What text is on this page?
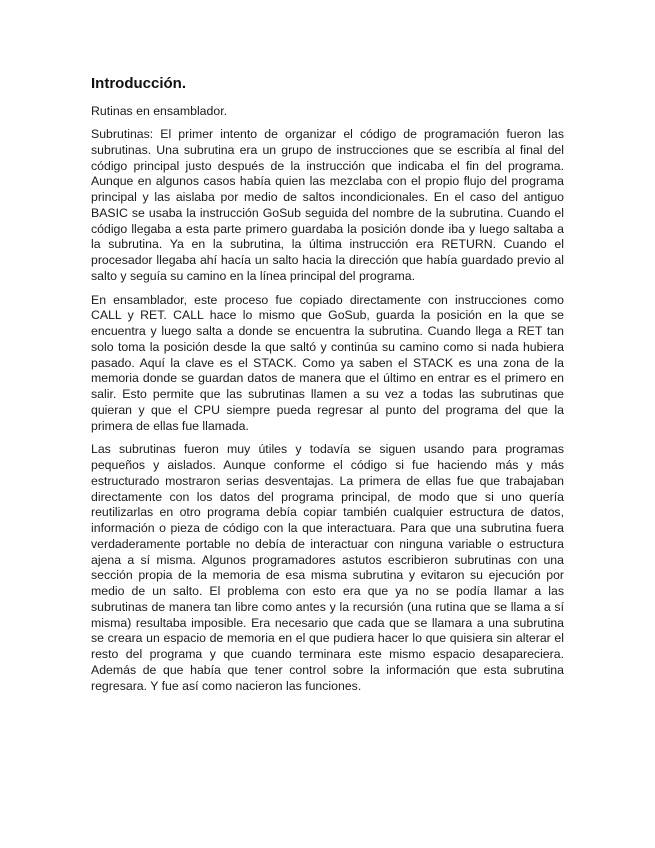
Introducción.

Rutinas en ensamblador.

Subrutinas: El primer intento de organizar el código de programación fueron las subrutinas. Una subrutina era un grupo de instrucciones que se escribía al final del código principal justo después de la instrucción que indicaba el fin del programa. Aunque en algunos casos había quien las mezclaba con el propio flujo del programa principal y las aislaba por medio de saltos incondicionales. En el caso del antiguo BASIC se usaba la instrucción GoSub seguida del nombre de la subrutina. Cuando el código llegaba a esta parte primero guardaba la posición donde iba y luego saltaba a la subrutina. Ya en la subrutina, la última instrucción era RETURN. Cuando el procesador llegaba ahí hacía un salto hacia la dirección que había guardado previo al salto y seguía su camino en la línea principal del programa.

En ensamblador, este proceso fue copiado directamente con instrucciones como CALL y RET. CALL hace lo mismo que GoSub, guarda la posición en la que se encuentra y luego salta a donde se encuentra la subrutina. Cuando llega a RET tan solo toma la posición desde la que saltó y continúa su camino como si nada hubiera pasado. Aquí la clave es el STACK. Como ya saben el STACK es una zona de la memoria donde se guardan datos de manera que el último en entrar es el primero en salir. Esto permite que las subrutinas llamen a su vez a todas las subrutinas que quieran y que el CPU siempre pueda regresar al punto del programa del que la primera de ellas fue llamada.

Las subrutinas fueron muy útiles y todavía se siguen usando para programas pequeños y aislados. Aunque conforme el código si fue haciendo más y más estructurado mostraron serias desventajas. La primera de ellas fue que trabajaban directamente con los datos del programa principal, de modo que si uno quería reutilizarlas en otro programa debía copiar también cualquier estructura de datos, información o pieza de código con la que interactuara. Para que una subrutina fuera verdaderamente portable no debía de interactuar con ninguna variable o estructura ajena a sí misma. Algunos programadores astutos escribieron subrutinas con una sección propia de la memoria de esa misma subrutina y evitaron su ejecución por medio de un salto. El problema con esto era que ya no se podía llamar a las subrutinas de manera tan libre como antes y la recursión (una rutina que se llama a sí misma) resultaba imposible. Era necesario que cada que se llamara a una subrutina se creara un espacio de memoria en el que pudiera hacer lo que quisiera sin alterar el resto del programa y que cuando terminara este mismo espacio desapareciera. Además de que había que tener control sobre la información que esta subrutina regresara. Y fue así como nacieron las funciones.
